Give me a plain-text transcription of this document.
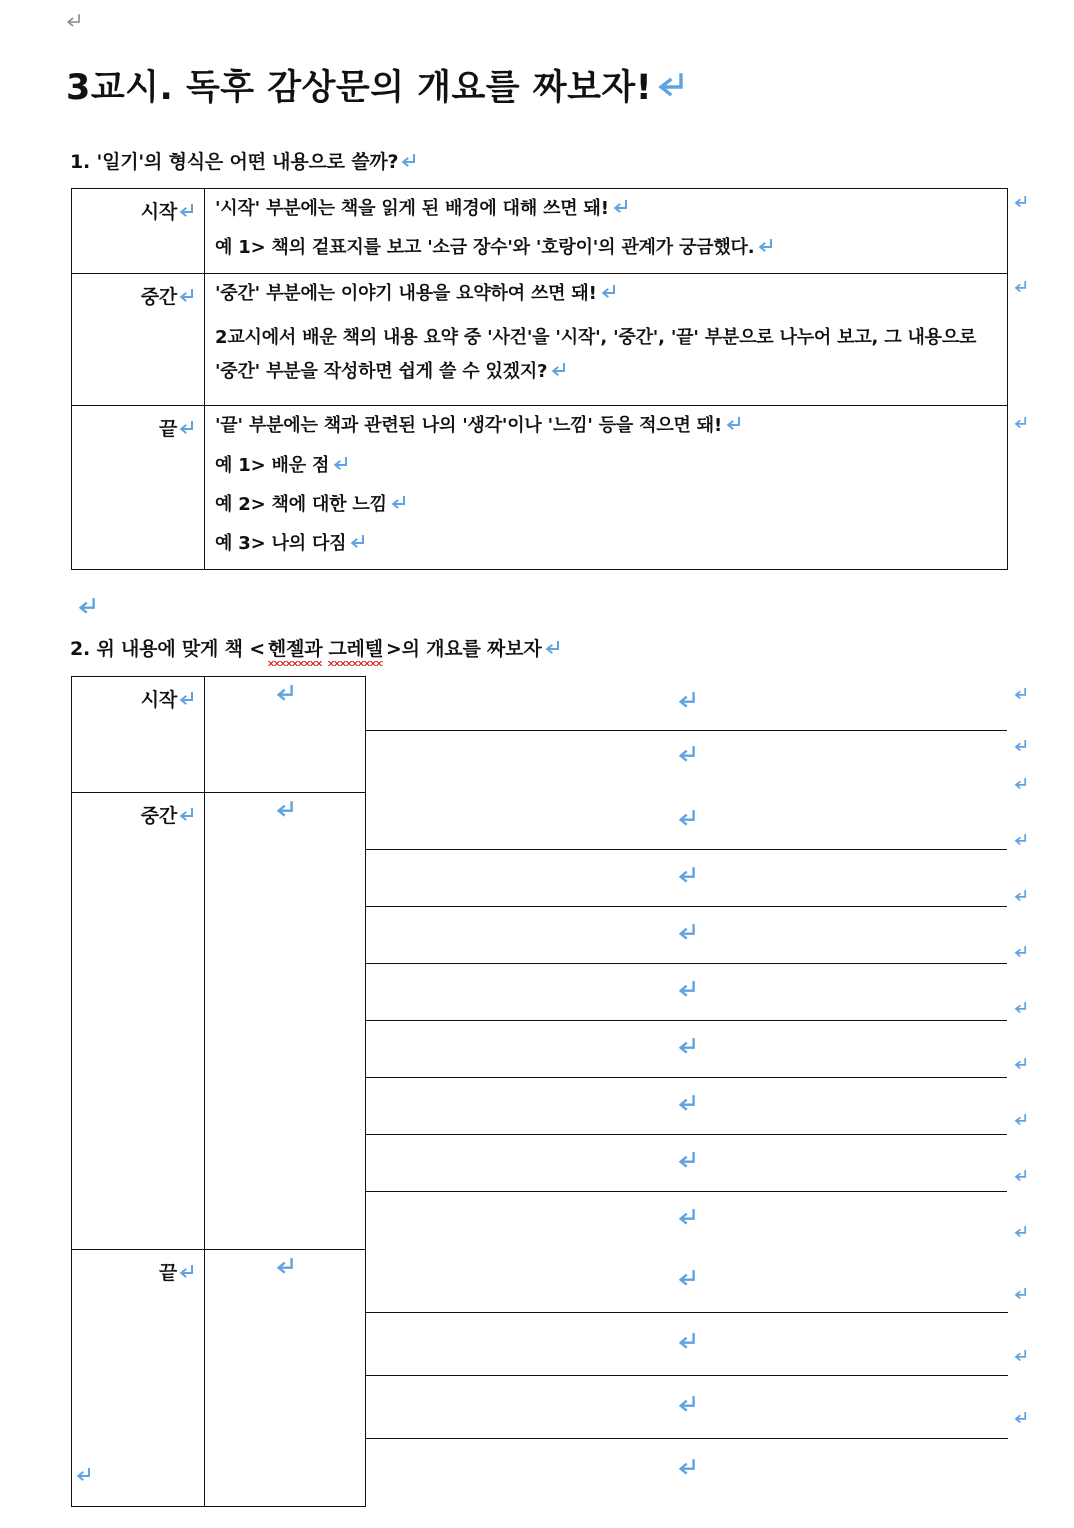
3교시. 독후 감상문의 개요를 짜보자!
1. '일기'의 형식은 어떤 내용으로 쓸까?
시작	'시작' 부분에는 책을 읽게 된 배경에 대해 쓰면 돼!
예 1> 책의 겉표지를 보고 '소금 장수'와 '호랑이'의 관계가 궁금했다.

중간	'중간' 부분에는 이야기 내용을 요약하여 쓰면 돼!
2교시에서 배운 책의 내용 요약 중 '사건'을 '시작', '중간', '끝' 부분으로 나누어 보고, 그 내용으로 '중간' 부분을 작성하면 쉽게 쓸 수 있겠지?

끝	'끝' 부분에는 책과 관련된 나의 '생각'이나 '느낌' 등을 적으면 돼!
예 1> 배운 점
예 2> 책에 대한 느낌
예 3> 나의 다짐
2. 위 내용에 맞게 책 < 헨젤과 그레텔 >의 개요를 짜보자
시작

중간

끝
